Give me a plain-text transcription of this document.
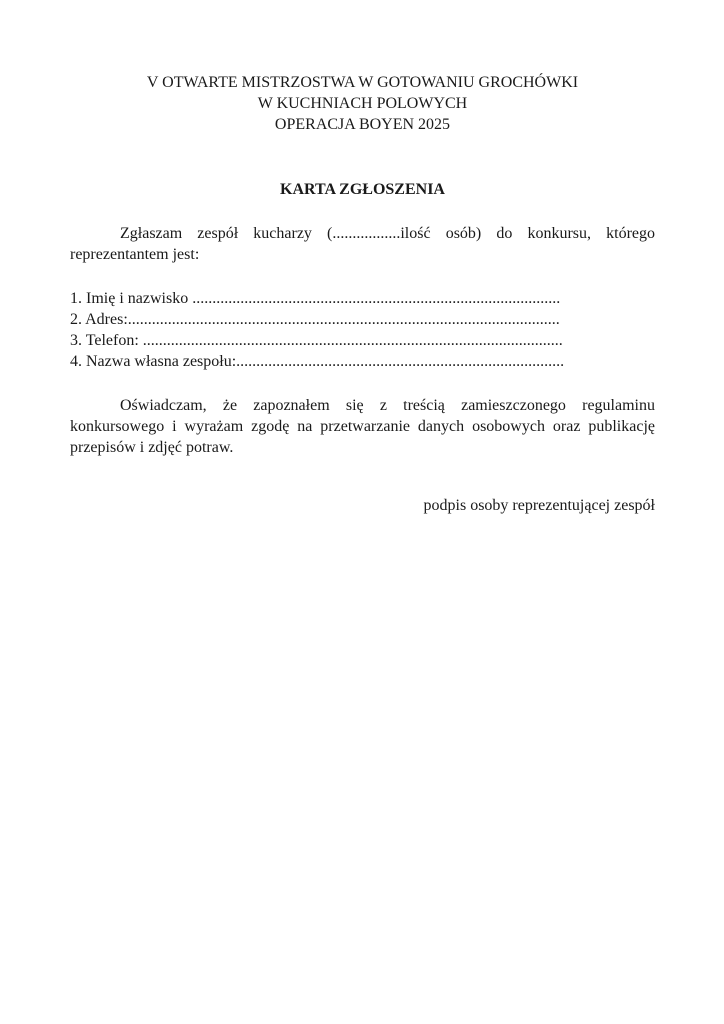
V OTWARTE MISTRZOSTWA W GOTOWANIU GROCHÓWKI
W KUCHNIACH POLOWYCH
OPERACJA BOYEN 2025

KARTA ZGŁOSZENIA

Zgłaszam zespół kucharzy (.................ilość osób) do konkursu, którego reprezentantem jest:

1. Imię i nazwisko ............................................................................................
2. Adres:............................................................................................................
3. Telefon: .........................................................................................................
4. Nazwa własna zespołu:..................................................................................

Oświadczam, że zapoznałem się z treścią zamieszczonego regulaminu konkursowego i wyrażam zgodę na przetwarzanie danych osobowych oraz publikację przepisów i zdjęć potraw.

podpis osoby reprezentującej zespół
